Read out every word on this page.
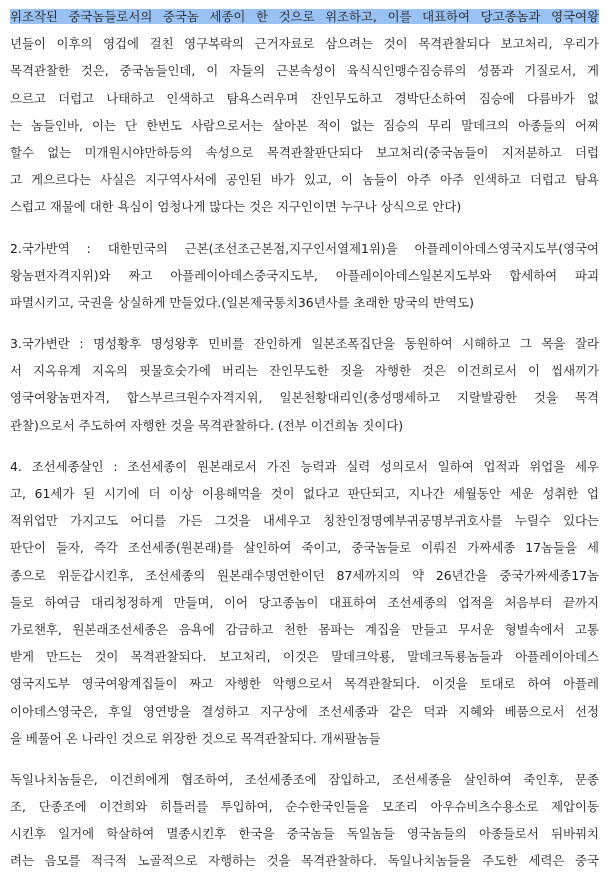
위조작된 중국놈들로서의 중국놈 세종이 한 것으로 위조하고, 이를 대표하여 당고종놈과 영국여왕
년들이 이후의 영겁에 걸친 영구복락의 근거자료로 삼으려는 것이 목격관찰되다 보고처리, 우리가
목격관찰한 것은, 중국놈들인데, 이 자들의 근본속성이 육식식인맹수짐승류의 성품과 기질로서, 게
으르고 더럽고 나태하고 인색하고 탐욕스러우며 잔인무도하고 경박단소하여 짐승에 다름바가 없
는 놈들인바, 이는 단 한번도 사람으로서는 살아본 적이 없는 짐승의 무리 말데크의 아종들의 어찌
할수 없는 미개원시야만하등의 속성으로 목격관찰판단되다 보고처리(중국놈들이 지저분하고 더럽
고 게으르다는 사실은 지구역사서에 공인된 바가 있고, 이 놈들이 아주 아주 인색하고 더럽고 탐욕
스럽고 재물에 대한 욕심이 엄청나게 많다는 것은 지구인이면 누구나 상식으로 안다)
2.국가반역 : 대한민국의 근본(조선조근본점,지구인서열제1위)을 아플레이아데스영국지도부(영국여
왕놈편자격지위)와 짜고 아플레이아데스중국지도부, 아플레이아데스일본지도부와 합세하여 파괴
파멸시키고, 국권을 상실하게 만들었다.(일본제국통치36년사를 초래한 망국의 반역도)
3.국가변란 : 명성황후 명성왕후 민비를 잔인하게 일본조폭집단을 동원하여 시해하고 그 목을 잘라
서 지옥유계 지옥의 핏물호숫가에 버리는 잔인무도한 짓을 자행한 것은 이건희로서 이 씹새끼가
영국여왕놈편자격, 합스부르크원수자격지위, 일본천황대리인(충성맹세하고 지랄발광한 것을 목격
관찰)으로서 주도하여 자행한 것을 목격관찰하다. (전부 이건희놈 짓이다)
4. 조선세종살인 : 조선세종이 원본래로서 가진 능력과 실력 성의로서 일하여 업적과 위업을 세우
고, 61세가 된 시기에 더 이상 이용해먹을 것이 없다고 판단되고, 지나간 세월동안 세운 성취한 업
적위업만 가지고도 어디를 가든 그것을 내세우고 칭찬인정명예부귀공명부귀호사를 누릴수 있다는
판단이 들자, 즉각 조선세종(원본래)를 살인하여 죽이고, 중국놈들로 이뤄진 가짜세종 17놈들을 세
종으로 위둔갑시킨후, 조선세종의 원본래수명연한이던 87세까지의 약 26년간을 중국가짜세종17놈
들로 하여금 대리청정하게 만들며, 이어 당고종놈이 대표하여 조선세종의 업적을 처음부터 끝까지
가로챈후, 원본래조선세종은 음욕에 감금하고 천한 몸파는 계집을 만들고 무서운 형벌속에서 고통
받게 만드는 것이 목격관찰되다. 보고처리, 이것은 말데크악룡, 말데크독룡놈들과 아플레이아데스
영국지도부 영국여왕계집들이 짜고 자행한 악행으로서 목격관찰되다. 이것을 토대로 하여 아플레
이아데스영국은, 후일 영연방을 결성하고 지구상에 조선세종과 같은 덕과 지혜와 베품으로서 선정
을 베풀어 온 나라인 것으로 위장한 것으로 목격관찰되다. 개씨팔놈들
독일나치놈들은, 이건희에게 협조하여, 조선세종조에 잠입하고, 조선세종을 살인하여 죽인후, 문종
조, 단종조에 이건희와 히틀러를 투입하여, 순수한국인들을 모조리 아우슈비츠수용소로 제압이동
시킨후 일거에 학살하여 멸종시킨후 한국을 중국놈들 독일놈들 영국놈들의 아종들로서 뒤바꿔치
려는 음모를 적극적 노골적으로 자행하는 것을 목격관찰하다. 독일나치놈들을 주도한 세력은 중국
